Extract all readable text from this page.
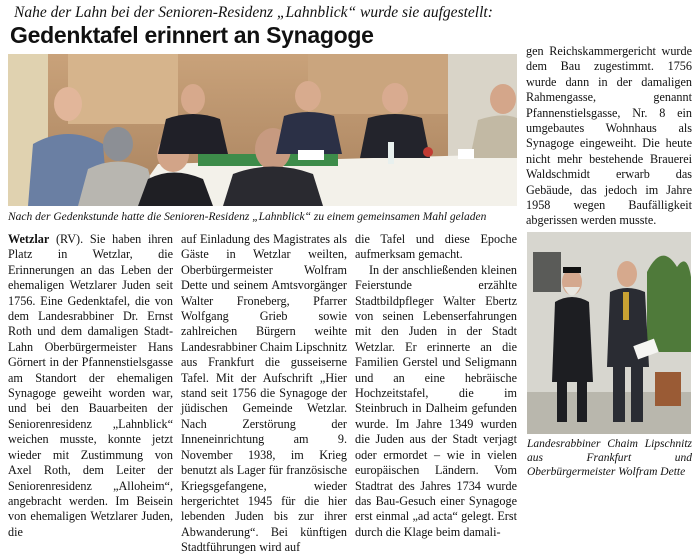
Nahe der Lahn bei der Senioren-Residenz „Lahnblick“ wurde sie aufgestellt:
Gedenktafel erinnert an Synagoge
Nach der Gedenkstunde hatte die Senioren-Residenz „Lahnblick“ zu einem gemeinsamen Mahl geladen

Wetzlar (RV). Sie haben ihren Platz in Wetzlar, die Erinnerungen an das Leben der ehemaligen Wetzlarer Juden seit 1756. Eine Gedenktafel, die von dem Landesrabbiner Dr. Ernst Roth und dem damaligen Stadt-Lahn Oberbürgermeister Hans Görnert in der Pfannenstielsgasse am Standort der ehemaligen Synagoge geweiht worden war, und bei den Bauarbeiten der Seniorenresidenz „Lahnblick“ weichen musste, konnte jetzt wieder mit Zustimmung von Axel Roth, dem Leiter der Seniorenresidenz „Alloheim“, angebracht werden. Im Beisein von ehemaligen Wetzlarer Juden, die

auf Einladung des Magistrates als Gäste in Wetzlar weilten, Oberbürgermeister Wolfram Dette und seinem Amtsvorgänger Walter Froneberg, Pfarrer Wolfgang Grieb sowie zahlreichen Bürgern weihte Landesrabbiner Chaim Lipschnitz aus Frankfurt die gusseiserne Tafel. Mit der Aufschrift „Hier stand seit 1756 die Synagoge der jüdischen Gemeinde Wetzlar. Nach Zerstörung der Inneneinrichtung am 9. November 1938, im Krieg benutzt als Lager für französische Kriegsgefangene, wieder hergerichtet 1945 für die hier lebenden Juden bis zur ihrer Abwanderung“. Bei künftigen Stadtführungen wird auf

die Tafel und diese Epoche aufmerksam gemacht.

In der anschließenden kleinen Feierstunde erzählte Stadtbildpfleger Walter Ebertz von seinen Lebenserfahrungen mit den Juden in der Stadt Wetzlar. Er erinnerte an die Familien Gerstel und Seligmann und an eine hebräische Hochzeitstafel, die im Steinbruch in Dalheim gefunden wurde. Im Jahre 1349 wurden die Juden aus der Stadt verjagt oder ermordet – wie in vielen europäischen Ländern. Vom Stadtrat des Jahres 1734 wurde das Bau-Gesuch einer Synagoge erst einmal „ad acta“ gelegt. Erst durch die Klage beim damali-

gen Reichskammergericht wurde dem Bau zugestimmt. 1756 wurde dann in der damaligen Rahmengasse, genannt Pfannenstielsgasse, Nr. 8 ein umgebautes Wohnhaus als Synagoge eingeweiht. Die heute nicht mehr bestehende Brauerei Waldschmidt erwarb das Gebäude, das jedoch im Jahre 1958 wegen Baufälligkeit abgerissen werden musste.

Landesrabbiner Chaim Lipschnitz aus Frankfurt und Oberbürgermeister Wolfram Dette
